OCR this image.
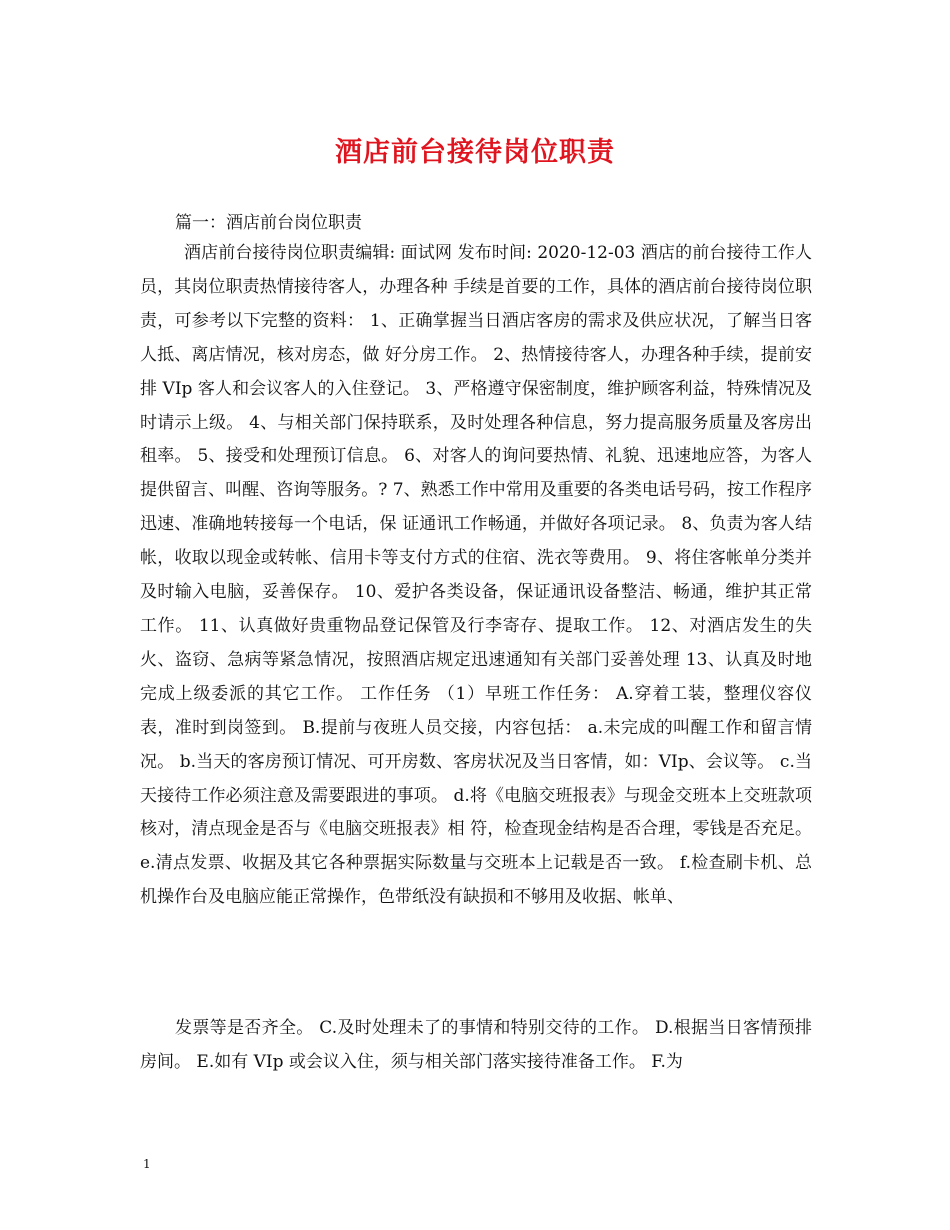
酒店前台接待岗位职责
篇一：酒店前台岗位职责
酒店前台接待岗位职责编辑: 面试网 发布时间: 2020-12-03 酒店的前台接待工作人员，其岗位职责热情接待客人，办理各种 手续是首要的工作，具体的酒店前台接待岗位职责，可参考以下完整的资料： 1、正确掌握当日酒店客房的需求及供应状况，了解当日客人抵、离店情况，核对房态，做 好分房工作。 2、热情接待客人，办理各种手续，提前安排 VIp 客人和会议客人的入住登记。 3、严格遵守保密制度，维护顾客利益，特殊情况及时请示上级。 4、与相关部门保持联系，及时处理各种信息，努力提高服务质量及客房出租率。 5、接受和处理预订信息。 6、对客人的询问要热情、礼貌、迅速地应答，为客人提供留言、叫醒、咨询等服务。? 7、熟悉工作中常用及重要的各类电话号码，按工作程序迅速、准确地转接每一个电话，保 证通讯工作畅通，并做好各项记录。 8、负责为客人结帐，收取以现金或转帐、信用卡等支付方式的住宿、洗衣等费用。 9、将住客帐单分类并及时输入电脑，妥善保存。 10、爱护各类设备，保证通讯设备整洁、畅通，维护其正常工作。 11、认真做好贵重物品登记保管及行李寄存、提取工作。 12、对酒店发生的失火、盗窃、急病等紧急情况，按照酒店规定迅速通知有关部门妥善处理 13、认真及时地完成上级委派的其它工作。 工作任务 （1）早班工作任务： A.穿着工装，整理仪容仪表，准时到岗签到。 B.提前与夜班人员交接，内容包括： a.未完成的叫醒工作和留言情况。 b.当天的客房预订情况、可开房数、客房状况及当日客情，如：VIp、会议等。 c.当天接待工作必须注意及需要跟进的事项。 d.将《电脑交班报表》与现金交班本上交班款项核对，清点现金是否与《电脑交班报表》相 符，检查现金结构是否合理，零钱是否充足。 e.清点发票、收据及其它各种票据实际数量与交班本上记载是否一致。 f.检查刷卡机、总机操作台及电脑应能正常操作，色带纸没有缺损和不够用及收据、帐单、
发票等是否齐全。 C.及时处理未了的事情和特别交待的工作。 D.根据当日客情预排房间。 E.如有 VIp 或会议入住，须与相关部门落实接待准备工作。 F.为
1
